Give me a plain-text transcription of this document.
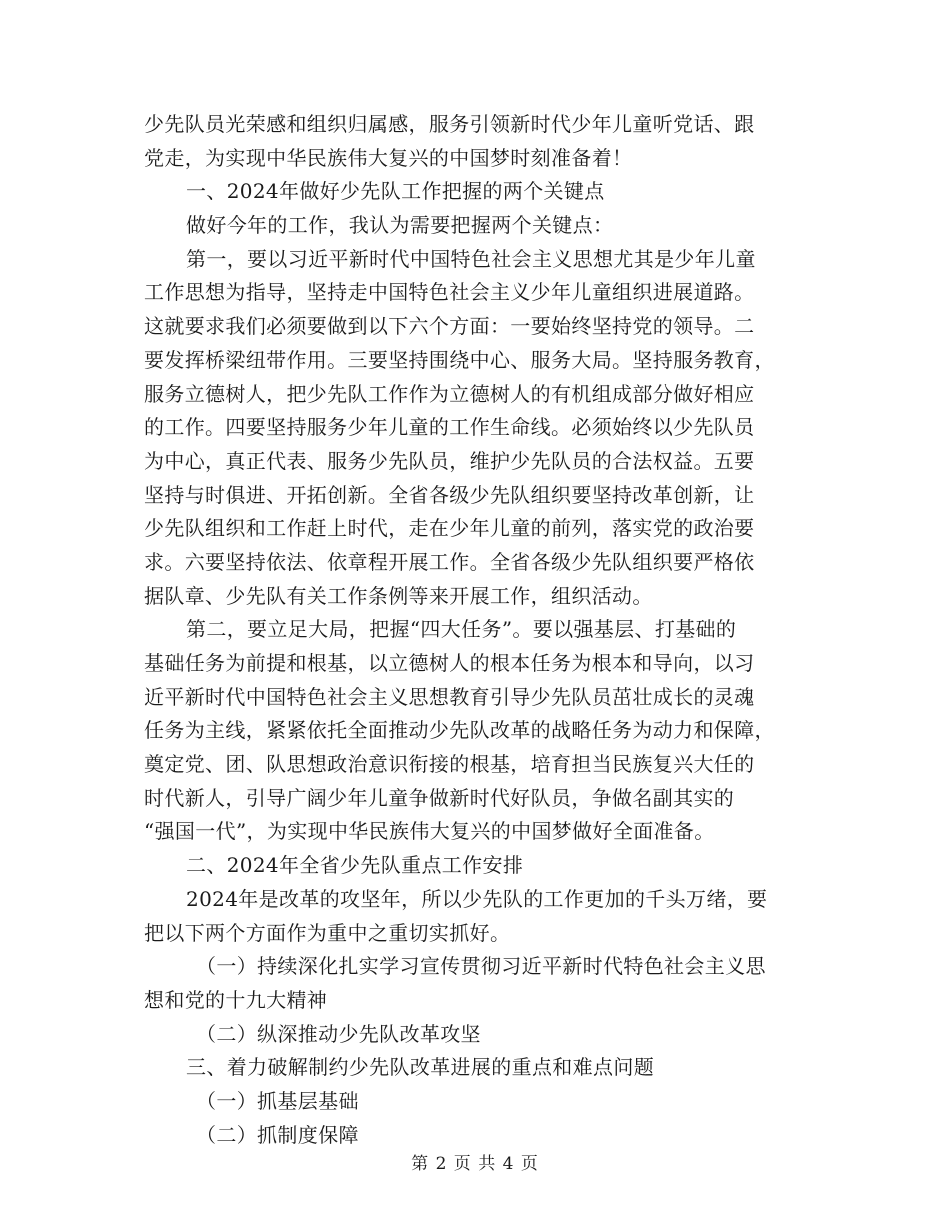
少先队员光荣感和组织归属感，服务引领新时代少年儿童听党话、跟
党走，为实现中华民族伟大复兴的中国梦时刻准备着！
一、2024年做好少先队工作把握的两个关键点
做好今年的工作，我认为需要把握两个关键点：
第一，要以习近平新时代中国特色社会主义思想尤其是少年儿童
工作思想为指导，坚持走中国特色社会主义少年儿童组织进展道路。
这就要求我们必须要做到以下六个方面：一要始终坚持党的领导。二
要发挥桥梁纽带作用。三要坚持围绕中心、服务大局。坚持服务教育，
服务立德树人，把少先队工作作为立德树人的有机组成部分做好相应
的工作。四要坚持服务少年儿童的工作生命线。必须始终以少先队员
为中心，真正代表、服务少先队员，维护少先队员的合法权益。五要
坚持与时俱进、开拓创新。全省各级少先队组织要坚持改革创新，让
少先队组织和工作赶上时代，走在少年儿童的前列，落实党的政治要
求。六要坚持依法、依章程开展工作。全省各级少先队组织要严格依
据队章、少先队有关工作条例等来开展工作，组织活动。
第二，要立足大局，把握“四大任务”。要以强基层、打基础的
基础任务为前提和根基，以立德树人的根本任务为根本和导向，以习
近平新时代中国特色社会主义思想教育引导少先队员茁壮成长的灵魂
任务为主线，紧紧依托全面推动少先队改革的战略任务为动力和保障，
奠定党、团、队思想政治意识衔接的根基，培育担当民族复兴大任的
时代新人，引导广阔少年儿童争做新时代好队员，争做名副其实的
“强国一代”，为实现中华民族伟大复兴的中国梦做好全面准备。
二、2024年全省少先队重点工作安排
2024年是改革的攻坚年，所以少先队的工作更加的千头万绪，要
把以下两个方面作为重中之重切实抓好。
（一）持续深化扎实学习宣传贯彻习近平新时代特色社会主义思
想和党的十九大精神
（二）纵深推动少先队改革攻坚
三、着力破解制约少先队改革进展的重点和难点问题
（一）抓基层基础
（二）抓制度保障
第 2 页 共 4 页
